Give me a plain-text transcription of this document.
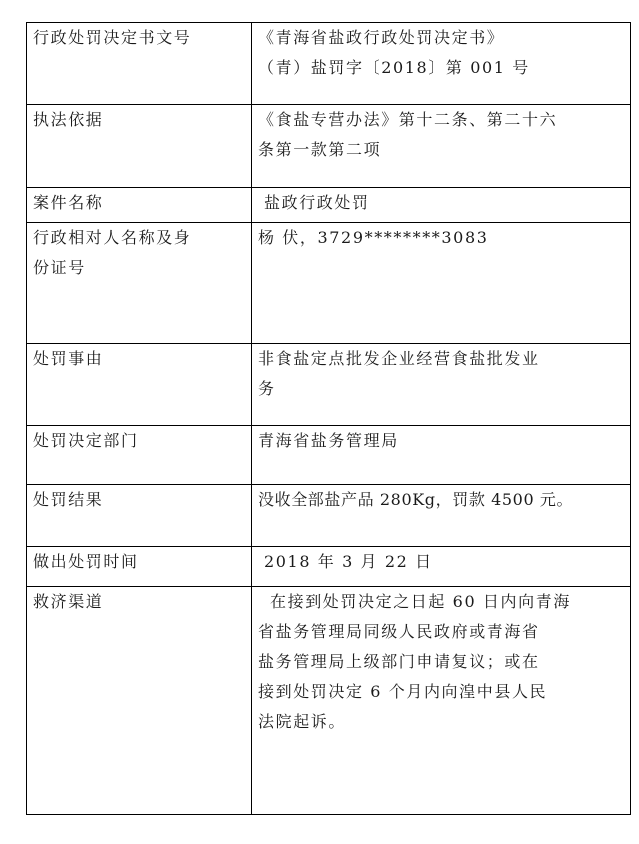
行政处罚决定书文号	《青海省盐政行政处罚决定书》
（青）盐罚字〔2018〕第 001 号

执法依据	《食盐专营办法》第十二条、第二十六
条第一款第二项

案件名称	盐政行政处罚

行政相对人名称及身
份证号	杨 伏，3729********3083

处罚事由	非食盐定点批发企业经营食盐批发业
务

处罚决定部门	青海省盐务管理局

处罚结果	没收全部盐产品 280Kg，罚款 4500 元。

做出处罚时间	2018 年 3 月 22 日

救济渠道	在接到处罚决定之日起 60 日内向青海
省盐务管理局同级人民政府或青海省
盐务管理局上级部门申请复议；或在
接到处罚决定 6 个月内向湟中县人民
法院起诉。
